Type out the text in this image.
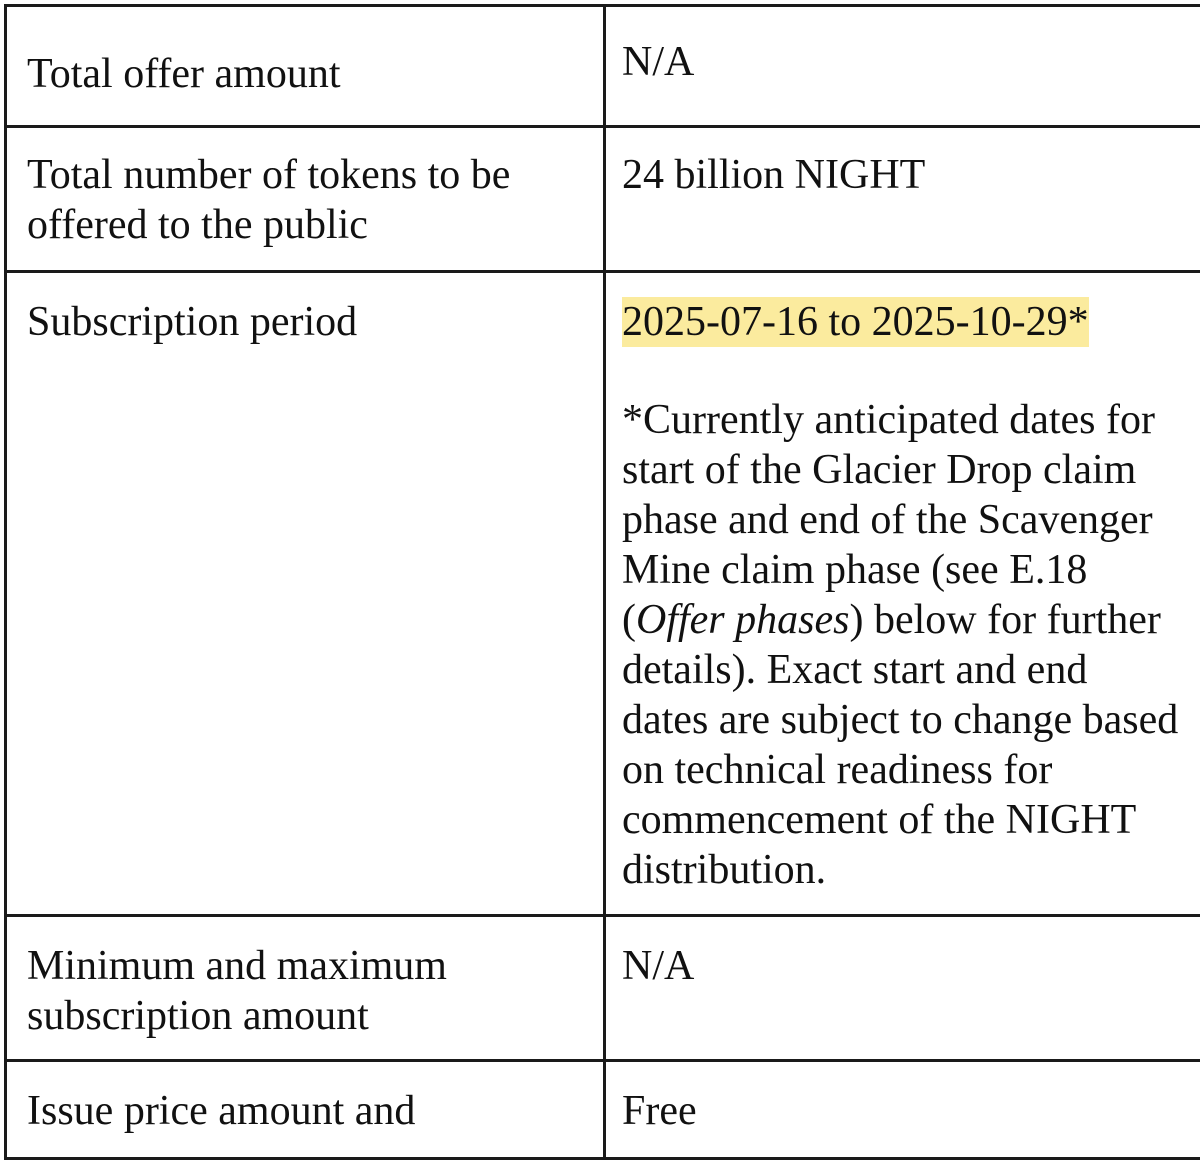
Total offer amount	N/A

Total number of tokens to be offered to the public	24 billion NIGHT

Subscription period	2025-07-16 to 2025-10-29*
*Currently anticipated dates for start of the Glacier Drop claim phase and end of the Scavenger Mine claim phase (see E.18 (Offer phases) below for further details). Exact start and end dates are subject to change based on technical readiness for commencement of the NIGHT distribution.

Minimum and maximum subscription amount	N/A

Issue price amount and	Free
